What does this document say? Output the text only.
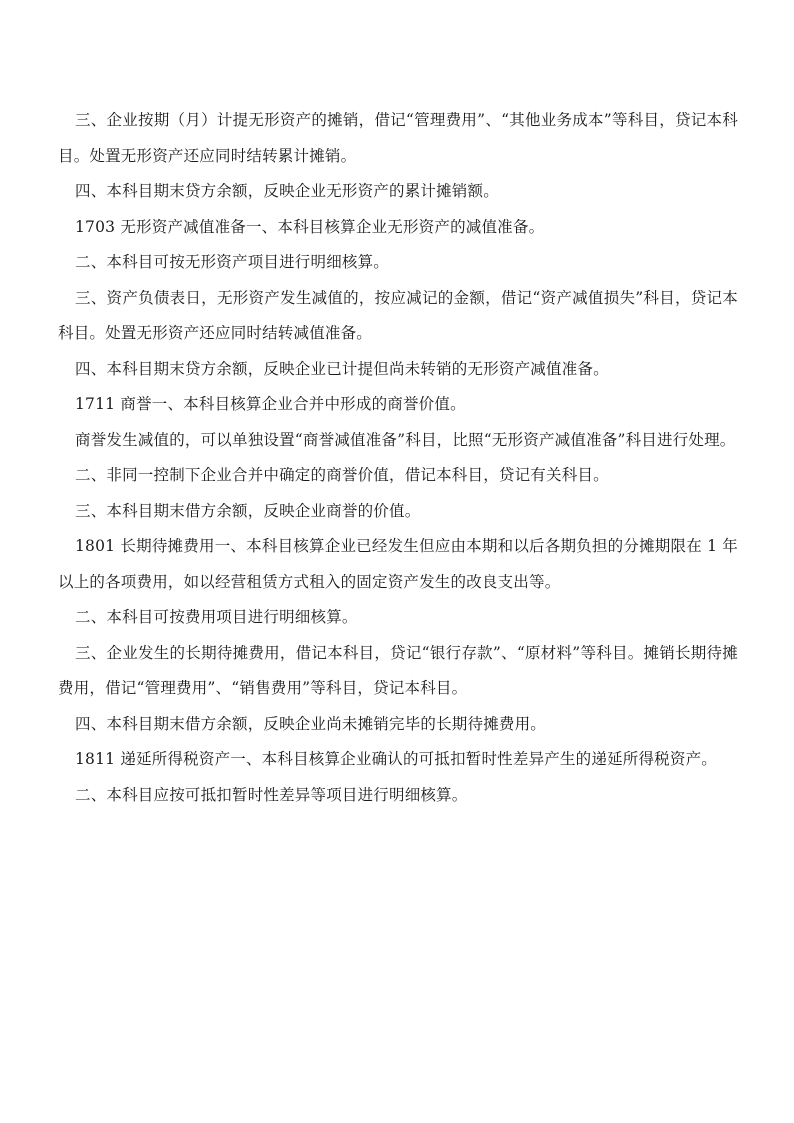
三、企业按期（月）计提无形资产的摊销，借记“管理费用”、“其他业务成本”等科目，贷记本科目。处置无形资产还应同时结转累计摊销。

四、本科目期末贷方余额，反映企业无形资产的累计摊销额。

1703 无形资产减值准备一、本科目核算企业无形资产的减值准备。

二、本科目可按无形资产项目进行明细核算。

三、资产负债表日，无形资产发生减值的，按应减记的金额，借记“资产减值损失”科目，贷记本科目。处置无形资产还应同时结转减值准备。

四、本科目期末贷方余额，反映企业已计提但尚未转销的无形资产减值准备。

1711 商誉一、本科目核算企业合并中形成的商誉价值。

商誉发生减值的，可以单独设置“商誉减值准备”科目，比照“无形资产减值准备”科目进行处理。

二、非同一控制下企业合并中确定的商誉价值，借记本科目，贷记有关科目。

三、本科目期末借方余额，反映企业商誉的价值。

1801 长期待摊费用一、本科目核算企业已经发生但应由本期和以后各期负担的分摊期限在 1 年以上的各项费用，如以经营租赁方式租入的固定资产发生的改良支出等。

二、本科目可按费用项目进行明细核算。

三、企业发生的长期待摊费用，借记本科目，贷记“银行存款”、“原材料”等科目。摊销长期待摊费用，借记“管理费用”、“销售费用”等科目，贷记本科目。

四、本科目期末借方余额，反映企业尚未摊销完毕的长期待摊费用。

1811 递延所得税资产一、本科目核算企业确认的可抵扣暂时性差异产生的递延所得税资产。

二、本科目应按可抵扣暂时性差异等项目进行明细核算。
